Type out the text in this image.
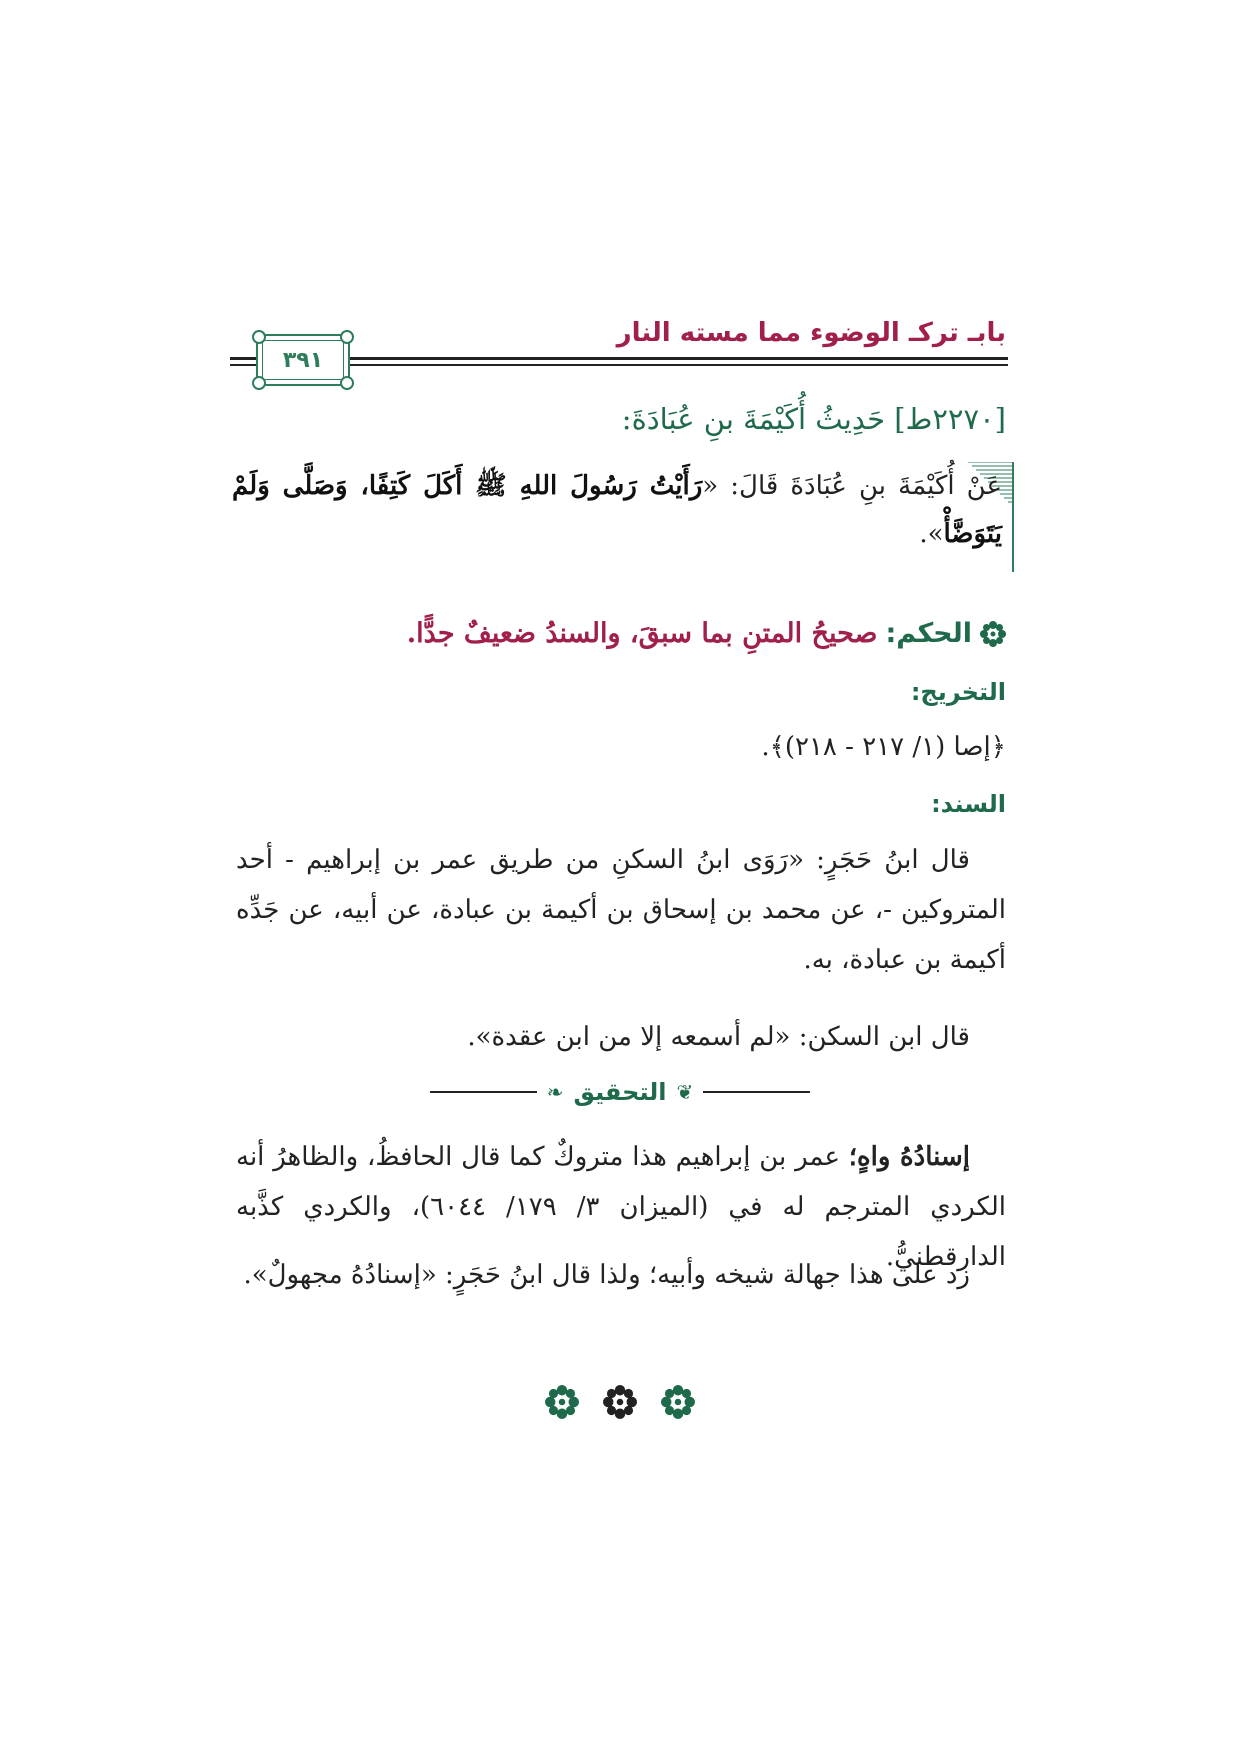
بابـ تركـ الوضوء مما مسته النار
٣٩١
[٢٢٧٠ط] حَدِيثُ أُكَيْمَةَ بنِ عُبَادَةَ:
عَنْ أُكَيْمَةَ بنِ عُبَادَةَ قَالَ: «رَأَيْتُ رَسُولَ اللهِ ﷺ أَكَلَ كَتِفًا، وَصَلَّى وَلَمْ يَتَوَضَّأْ».
الحكم:
صحيحُ المتنِ بما سبقَ، والسندُ ضعيفٌ جدًّا.
التخريج:
﴿إصا (١/ ٢١٧ - ٢١٨)﴾.
السند:
قال ابنُ حَجَرٍ: «رَوَى ابنُ السكنِ من طريق عمر بن إبراهيم - أحد المتروكين -، عن محمد بن إسحاق بن أكيمة بن عبادة، عن أبيه، عن جَدِّه أكيمة بن عبادة، به.
قال ابن السكن: «لم أسمعه إلا من ابن عقدة».
❦
التحقيق
❧
إسنادُهُ واهٍ؛ عمر بن إبراهيم هذا متروكٌ كما قال الحافظُ، والظاهرُ أنه الكردي المترجم له في (الميزان ٣/ ١٧٩/ ٦٠٤٤)، والكردي كذَّبه الدارقطنيُّ.
زد على هذا جهالة شيخه وأبيه؛ ولذا قال ابنُ حَجَرٍ: «إسنادُهُ مجهولٌ».
